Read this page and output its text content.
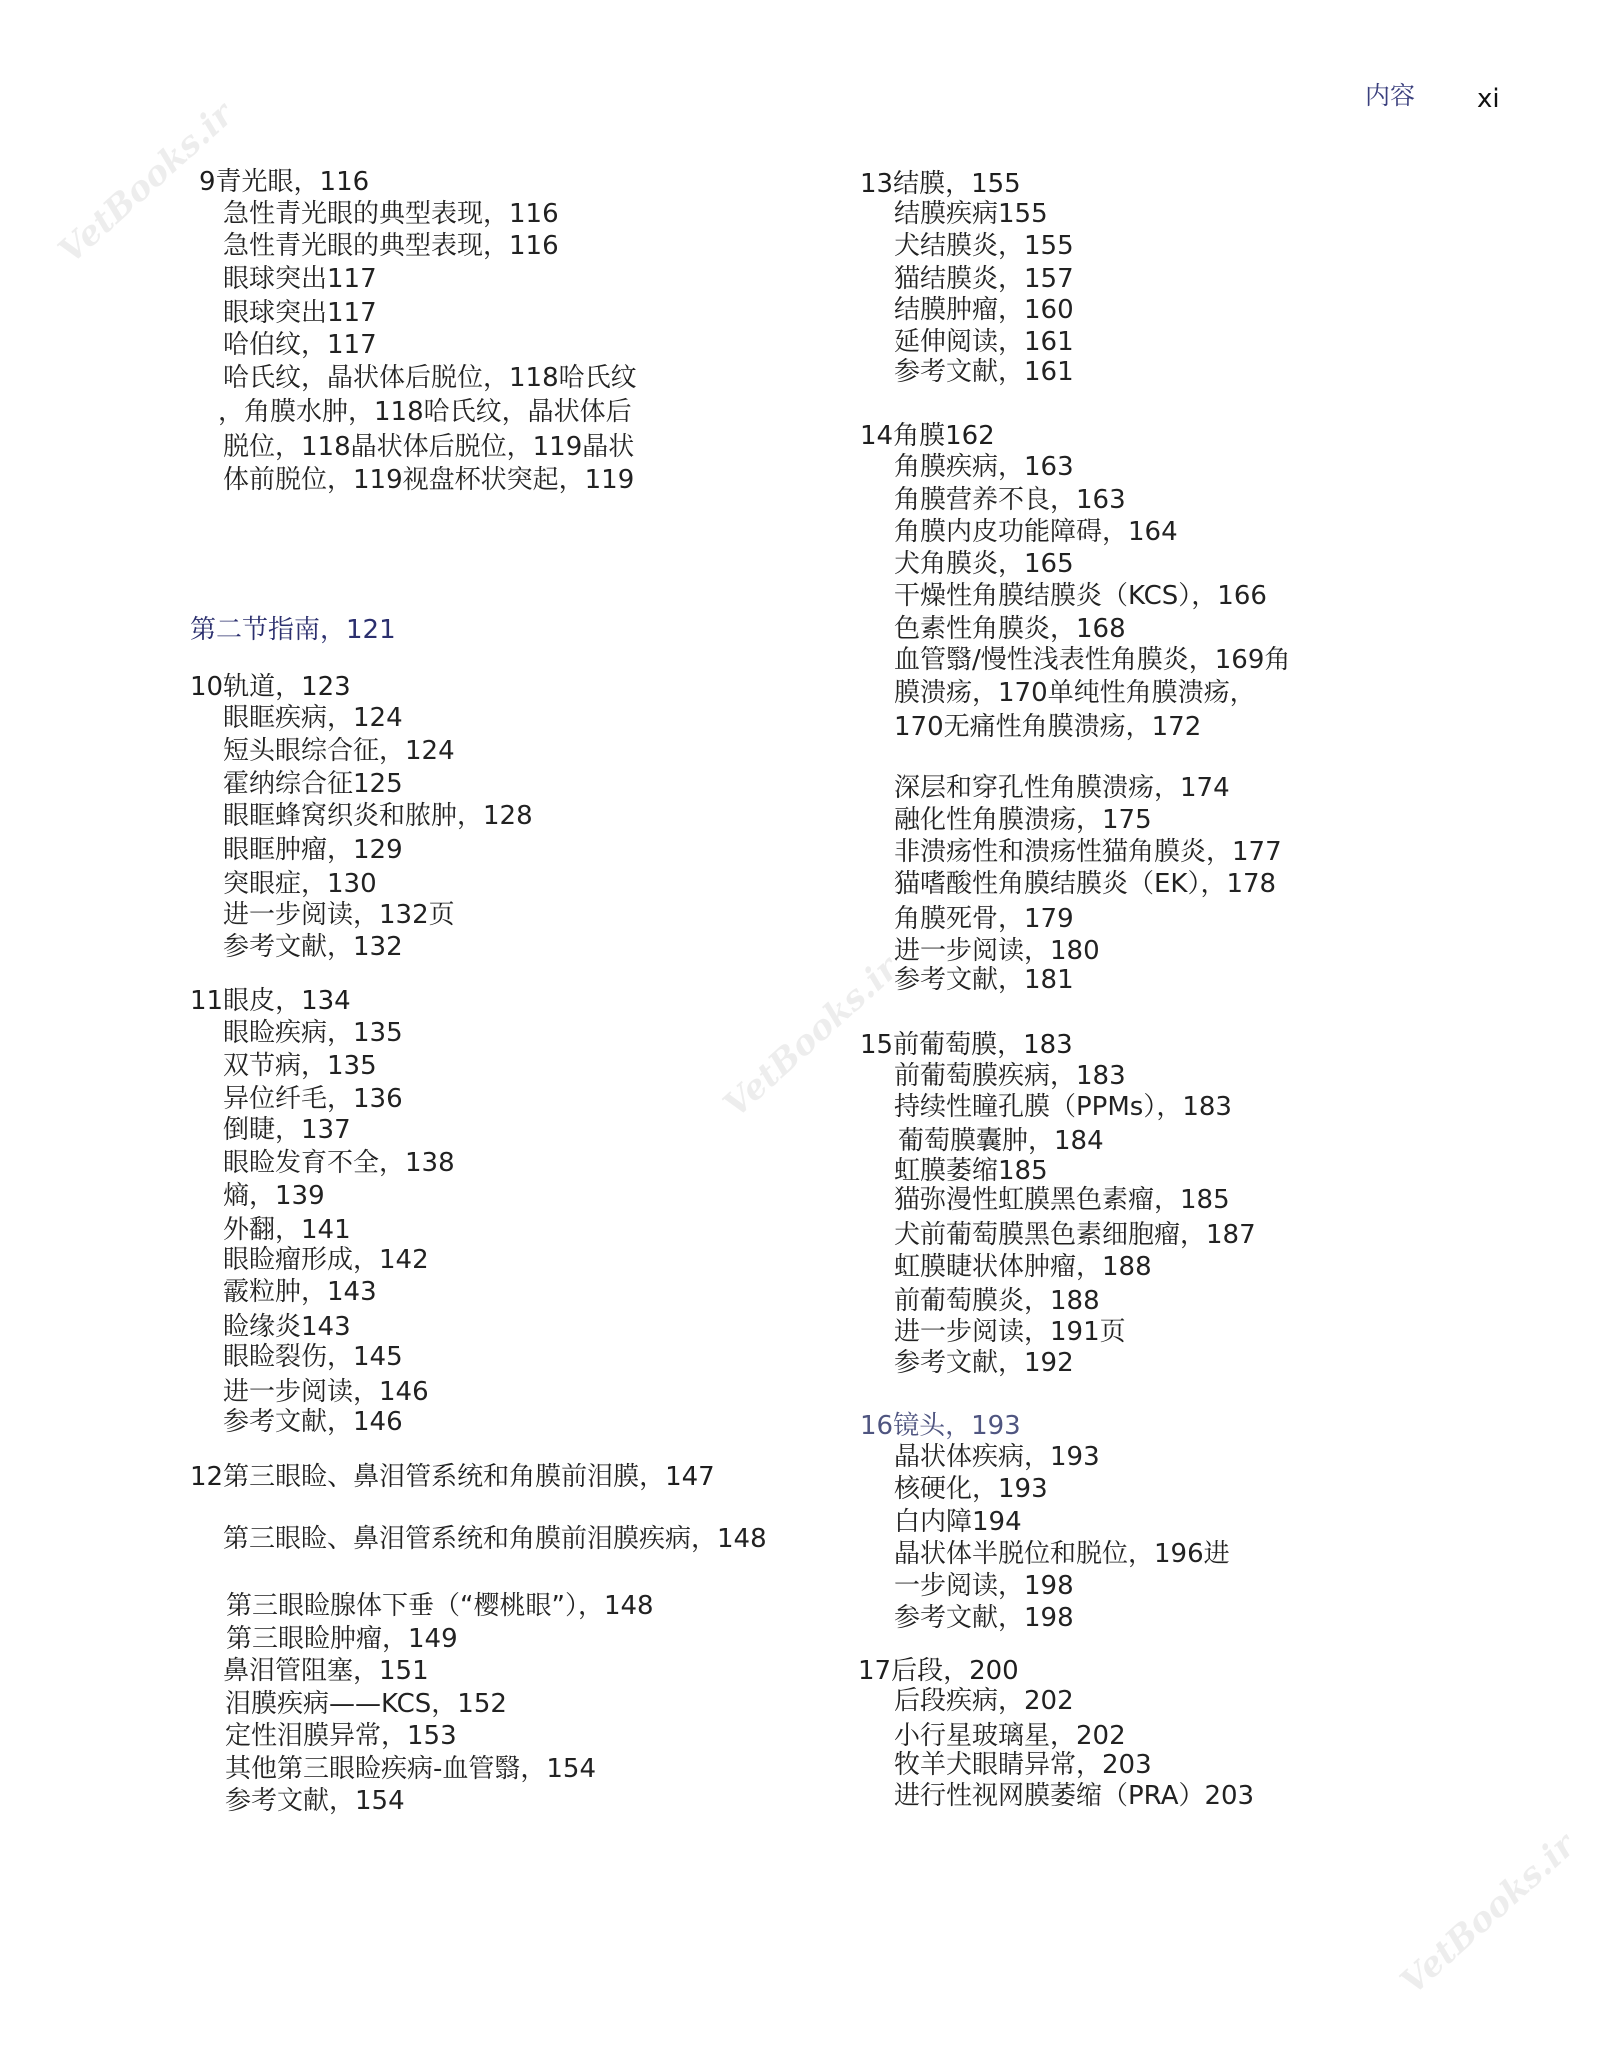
VetBooks.ir
VetBooks.ir
VetBooks.ir
内容 xi
9青光眼，116
急性青光眼的典型表现，116
急性青光眼的典型表现，116
眼球突出117
眼球突出117
哈伯纹，117
哈氏纹，晶状体后脱位，118哈氏纹
，角膜水肿，118哈氏纹，晶状体后
脱位，118晶状体后脱位，119晶状
体前脱位，119视盘杯状突起，119
第二节指南，121
10轨道，123
眼眶疾病，124
短头眼综合征，124
霍纳综合征125
眼眶蜂窝织炎和脓肿，128
眼眶肿瘤，129
突眼症，130
进一步阅读，132页
参考文献，132
11眼皮，134
眼睑疾病，135
双节病，135
异位纤毛，136
倒睫，137
眼睑发育不全，138
熵，139
外翻，141
眼睑瘤形成，142
霰粒肿，143
睑缘炎143
眼睑裂伤，145
进一步阅读，146
参考文献，146
12第三眼睑、鼻泪管系统和角膜前泪膜，147
第三眼睑、鼻泪管系统和角膜前泪膜疾病，148
第三眼睑腺体下垂（“樱桃眼”），148
第三眼睑肿瘤，149
鼻泪管阻塞，151
泪膜疾病——KCS，152
定性泪膜异常，153
其他第三眼睑疾病-血管翳，154
参考文献，154
13结膜，155
结膜疾病155
犬结膜炎，155
猫结膜炎，157
结膜肿瘤，160
延伸阅读，161
参考文献，161
14角膜162
角膜疾病，163
角膜营养不良，163
角膜内皮功能障碍，164
犬角膜炎，165
干燥性角膜结膜炎（KCS），166
色素性角膜炎，168
血管翳/慢性浅表性角膜炎，169角
膜溃疡，170单纯性角膜溃疡，
170无痛性角膜溃疡，172
深层和穿孔性角膜溃疡，174
融化性角膜溃疡，175
非溃疡性和溃疡性猫角膜炎，177
猫嗜酸性角膜结膜炎（EK），178
角膜死骨，179
进一步阅读，180
参考文献，181
15前葡萄膜，183
前葡萄膜疾病，183
持续性瞳孔膜（PPMs），183
葡萄膜囊肿，184
虹膜萎缩185
猫弥漫性虹膜黑色素瘤，185
犬前葡萄膜黑色素细胞瘤，187
虹膜睫状体肿瘤，188
前葡萄膜炎，188
进一步阅读，191页
参考文献，192
16镜头，193
晶状体疾病，193
核硬化，193
白内障194
晶状体半脱位和脱位，196进
一步阅读，198
参考文献，198
17后段，200
后段疾病，202
小行星玻璃星，202
牧羊犬眼睛异常，203
进行性视网膜萎缩（PRA）203
